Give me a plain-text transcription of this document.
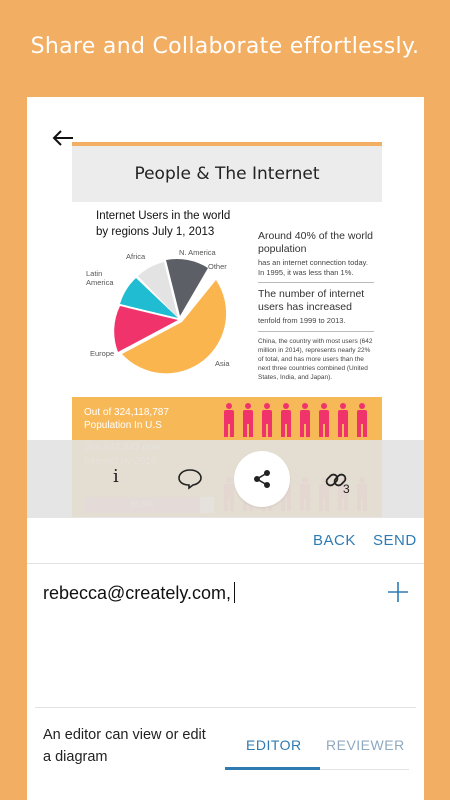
Share and Collaborate effortlessly.
People & The Internet
Internet Users in the world
by regions July 1, 2013
Africa	N. America
Other
Latin
America
Europe
Asia
Around 40% of the world population
has an internet connection today. In 1995, it was less than 1%.
The number of internet users has increased
tenfold from 1999 to 2013.
China, the country with most users (642 million in 2014), represents nearly 22% of total, and has more users than the next three countries combined (United States, India, and Japan).
Out of 324,118,787
Population In U.S
i
3
BACK SEND
rebecca@creately.com,
An editor can view or edit a diagram
EDITOR REVIEWER
